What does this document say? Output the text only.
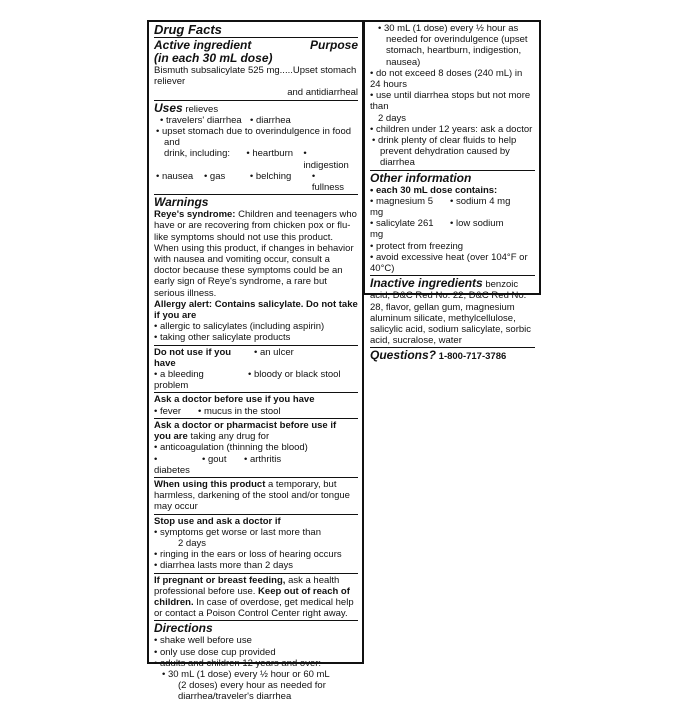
Drug Facts
Active ingredient	Purpose
(in each 30 mL dose)
Bismuth subsalicylate 525 mg.....Upset stomach reliever
and antidiarrheal
Uses relieves
• travelers' diarrhea • diarrhea
• upset stomach due to overindulgence in food and
drink, including:	• heartburn • indigestion
• nausea • gas	• belching	• fullness
Warnings
Reye's syndrome: Children and teenagers who have or are recovering from chicken pox or flu-like symptoms should not use this product. When using this product, if changes in behavior with nausea and vomiting occur, consult a doctor because these symptoms could be an early sign of Reye's syndrome, a rare but serious illness.
Allergy alert: Contains salicylate. Do not take if you are
• allergic to salicylates (including aspirin)
• taking other salicylate products
Do not use if you have
• an ulcer
• a bleeding problem
• bloody or black stool
Ask a doctor before use if you have
• fever	• mucus in the stool
Ask a doctor or pharmacist before use if
you are taking any drug for
• anticoagulation (thinning the blood)
• diabetes
• gout	• arthritis
When using this product a temporary, but harmless, darkening of the stool and/or tongue may occur
Stop use and ask a doctor if
• symptoms get worse or last more than
2 days
• ringing in the ears or loss of hearing occurs
• diarrhea lasts more than 2 days
If pregnant or breast feeding, ask a health professional before use. Keep out of reach of children. In case of overdose, get medical help or contact a Poison Control Center right away.
Directions
• shake well before use
• only use dose cup provided
• adults and children 12 years and over:
• 30 mL (1 dose) every ½ hour or 60 mL
(2 doses) every hour as needed for
diarrhea/traveler's diarrhea
• 30 mL (1 dose) every ½ hour as needed for overindulgence (upset stomach, heartburn, indigestion, nausea)
• do not exceed 8 doses (240 mL) in 24 hours
• use until diarrhea stops but not more than
2 days
• children under 12 years: ask a doctor
• drink plenty of clear fluids to help prevent dehydration caused by diarrhea
Other information
• each 30 mL dose contains:
• magnesium 5 mg
• sodium 4 mg
• salicylate 261 mg
• low sodium
• protect from freezing
• avoid excessive heat (over 104°F or 40°C)
Inactive ingredients benzoic acid, D&C Red No. 22, D&C Red No. 28, flavor, gellan gum, magnesium aluminum silicate, methylcellulose, salicylic acid, sodium salicylate, sorbic acid, sucralose, water
Questions? 1-800-717-3786
